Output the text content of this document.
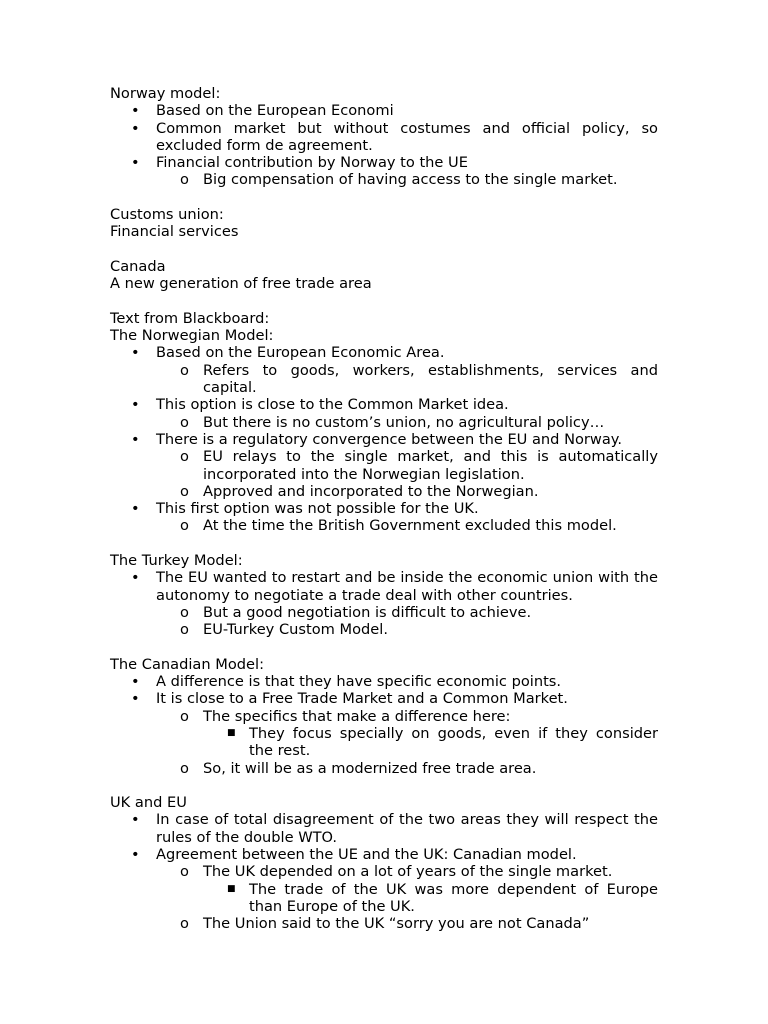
Norway model:
• Based on the European Economi
• Common market but without costumes and official policy, so excluded form de agreement.
• Financial contribution by Norway to the UE
o Big compensation of having access to the single market.
Customs union:
Financial services
Canada
A new generation of free trade area
Text from Blackboard:
The Norwegian Model:
• Based on the European Economic Area.
o Refers to goods, workers, establishments, services and capital.
• This option is close to the Common Market idea.
o But there is no custom’s union, no agricultural policy…
• There is a regulatory convergence between the EU and Norway.
o EU relays to the single market, and this is automatically incorporated into the Norwegian legislation.
o Approved and incorporated to the Norwegian.
• This first option was not possible for the UK.
o At the time the British Government excluded this model.
The Turkey Model:
• The EU wanted to restart and be inside the economic union with the autonomy to negotiate a trade deal with other countries.
o But a good negotiation is difficult to achieve.
o EU-Turkey Custom Model.
The Canadian Model:
• A difference is that they have specific economic points.
• It is close to a Free Trade Market and a Common Market.
o The specifics that make a difference here:
■ They focus specially on goods, even if they consider the rest.
o So, it will be as a modernized free trade area.
UK and EU
• In case of total disagreement of the two areas they will respect the rules of the double WTO.
• Agreement between the UE and the UK: Canadian model.
o The UK depended on a lot of years of the single market.
■ The trade of the UK was more dependent of Europe than Europe of the UK.
o The Union said to the UK “sorry you are not Canada”
